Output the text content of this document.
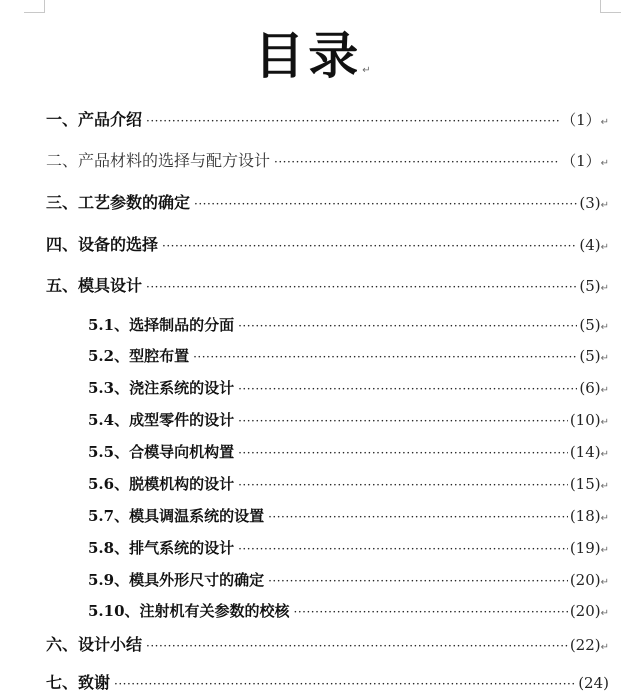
目录↵
一、产品介绍 ·····	（1） ↵
二、产品材料的选择与配方设计 ·····	（1） ↵
三、工艺参数的确定 ·····	(3) ↵
四、设备的选择 ·····	(4) ↵
五、模具设计 ·····	(5) ↵
5.1、选择制品的分面 ·····	(5) ↵
5.2、型腔布置 ·····	(5) ↵
5.3、浇注系统的设计 ·····	(6) ↵
5.4、成型零件的设计 ·····	(10) ↵
5.5、合模导向机构置 ·····	(14) ↵
5.6、脱模机构的设计 ·····	(15) ↵
5.7、模具调温系统的设置 ·····	(18) ↵
5.8、排气系统的设计 ·····	(19) ↵
5.9、模具外形尺寸的确定 ·····	(20) ↵
5.10、注射机有关参数的校核 ·····	(20) ↵
六、设计小结 ·····	(22) ↵
七、致谢 ·····	(24)
